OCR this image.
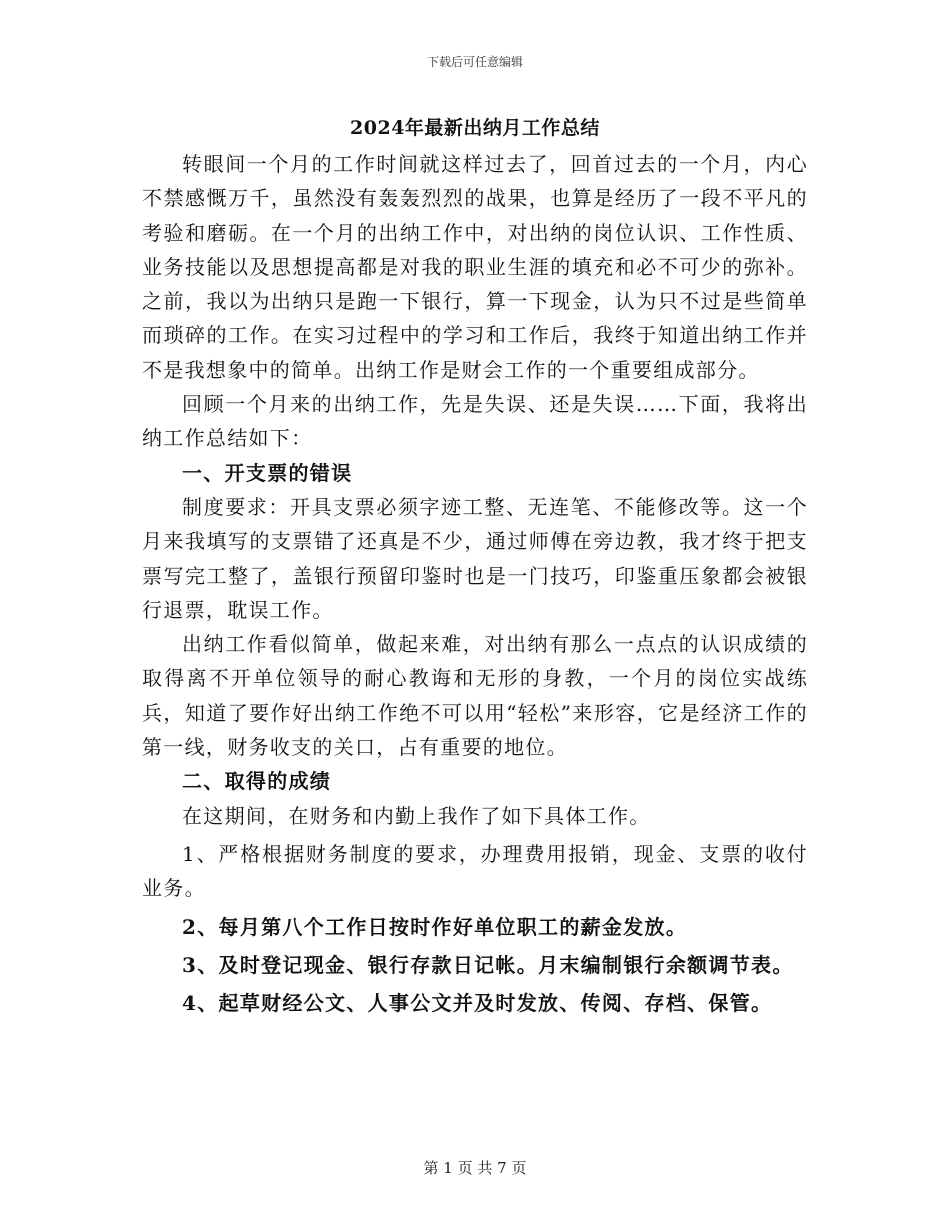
下载后可任意编辑
2024年最新出纳月工作总结

转眼间一个月的工作时间就这样过去了，回首过去的一个月，内心不禁感慨万千，虽然没有轰轰烈烈的战果，也算是经历了一段不平凡的考验和磨砺。在一个月的出纳工作中，对出纳的岗位认识、工作性质、业务技能以及思想提高都是对我的职业生涯的填充和必不可少的弥补。之前，我以为出纳只是跑一下银行，算一下现金，认为只不过是些简单而琐碎的工作。在实习过程中的学习和工作后，我终于知道出纳工作并不是我想象中的简单。出纳工作是财会工作的一个重要组成部分。

回顾一个月来的出纳工作，先是失误、还是失误……下面，我将出纳工作总结如下：

一、开支票的错误

制度要求：开具支票必须字迹工整、无连笔、不能修改等。这一个月来我填写的支票错了还真是不少，通过师傅在旁边教，我才终于把支票写完工整了，盖银行预留印鉴时也是一门技巧，印鉴重压象都会被银行退票，耽误工作。

出纳工作看似简单，做起来难，对出纳有那么一点点的认识成绩的取得离不开单位领导的耐心教诲和无形的身教，一个月的岗位实战练兵，知道了要作好出纳工作绝不可以用“轻松”来形容，它是经济工作的第一线，财务收支的关口，占有重要的地位。

二、取得的成绩

在这期间，在财务和内勤上我作了如下具体工作。

1、严格根据财务制度的要求，办理费用报销，现金、支票的收付业务。

2、每月第八个工作日按时作好单位职工的薪金发放。

3、及时登记现金、银行存款日记帐。月末编制银行余额调节表。

4、起草财经公文、人事公文并及时发放、传阅、存档、保管。

第 1 页 共 7 页
